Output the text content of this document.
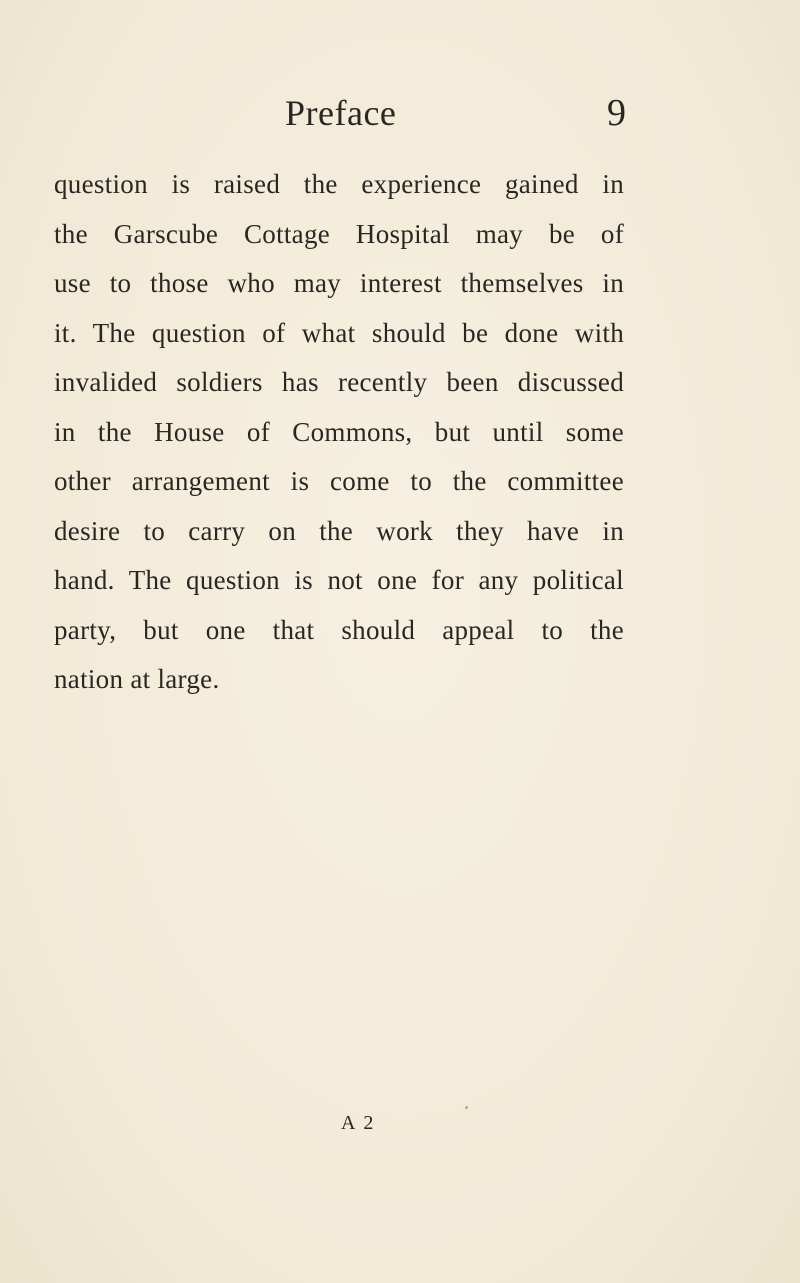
Preface	9
question is raised the experience gained in
the Garscube Cottage Hospital may be of
use to those who may interest themselves in
it. The question of what should be done with
invalided soldiers has recently been discussed
in the House of Commons, but until some
other arrangement is come to the committee
desire to carry on the work they have in
hand. The question is not one for any political
party, but one that should appeal to the
nation at large.
A 2
